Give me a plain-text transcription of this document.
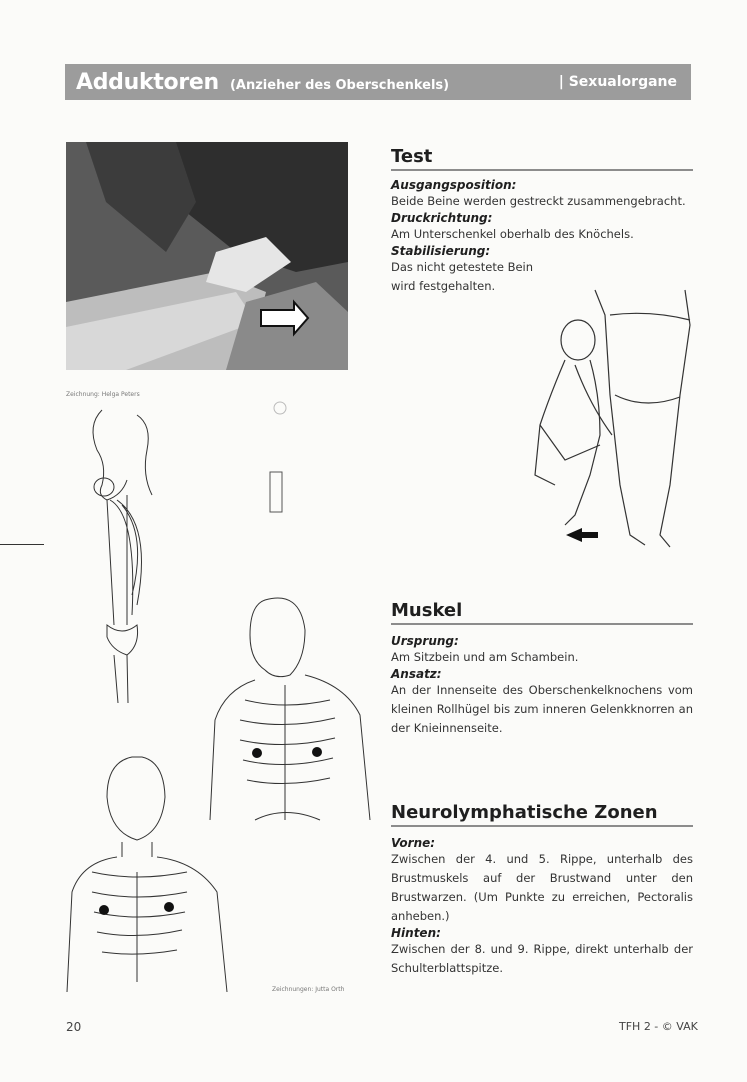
Adduktoren (Anzieher des Oberschenkels)	| Sexualorgane
Zeichnung: Helga Peters
Test
Ausgangsposition:
Beide Beine werden gestreckt zusammengebracht.
Druckrichtung:
Am Unterschenkel oberhalb des Knöchels.
Stabilisierung:
Das nicht getestete Bein wird festgehalten.
Zeichnungen: Jutta Orth
Muskel
Ursprung:
Am Sitzbein und am Schambein.
Ansatz:
An der Innenseite des Oberschenkelknochens vom kleinen Rollhügel bis zum inneren Gelenkknorren an der Knieinnenseite.
Neurolymphatische Zonen
Vorne:
Zwischen der 4. und 5. Rippe, unterhalb des Brustmuskels auf der Brustwand unter den Brustwarzen. (Um Punkte zu erreichen, Pectoralis anheben.)
Hinten:
Zwischen der 8. und 9. Rippe, direkt unterhalb der Schulterblattspitze.
20	TFH 2 - © VAK
